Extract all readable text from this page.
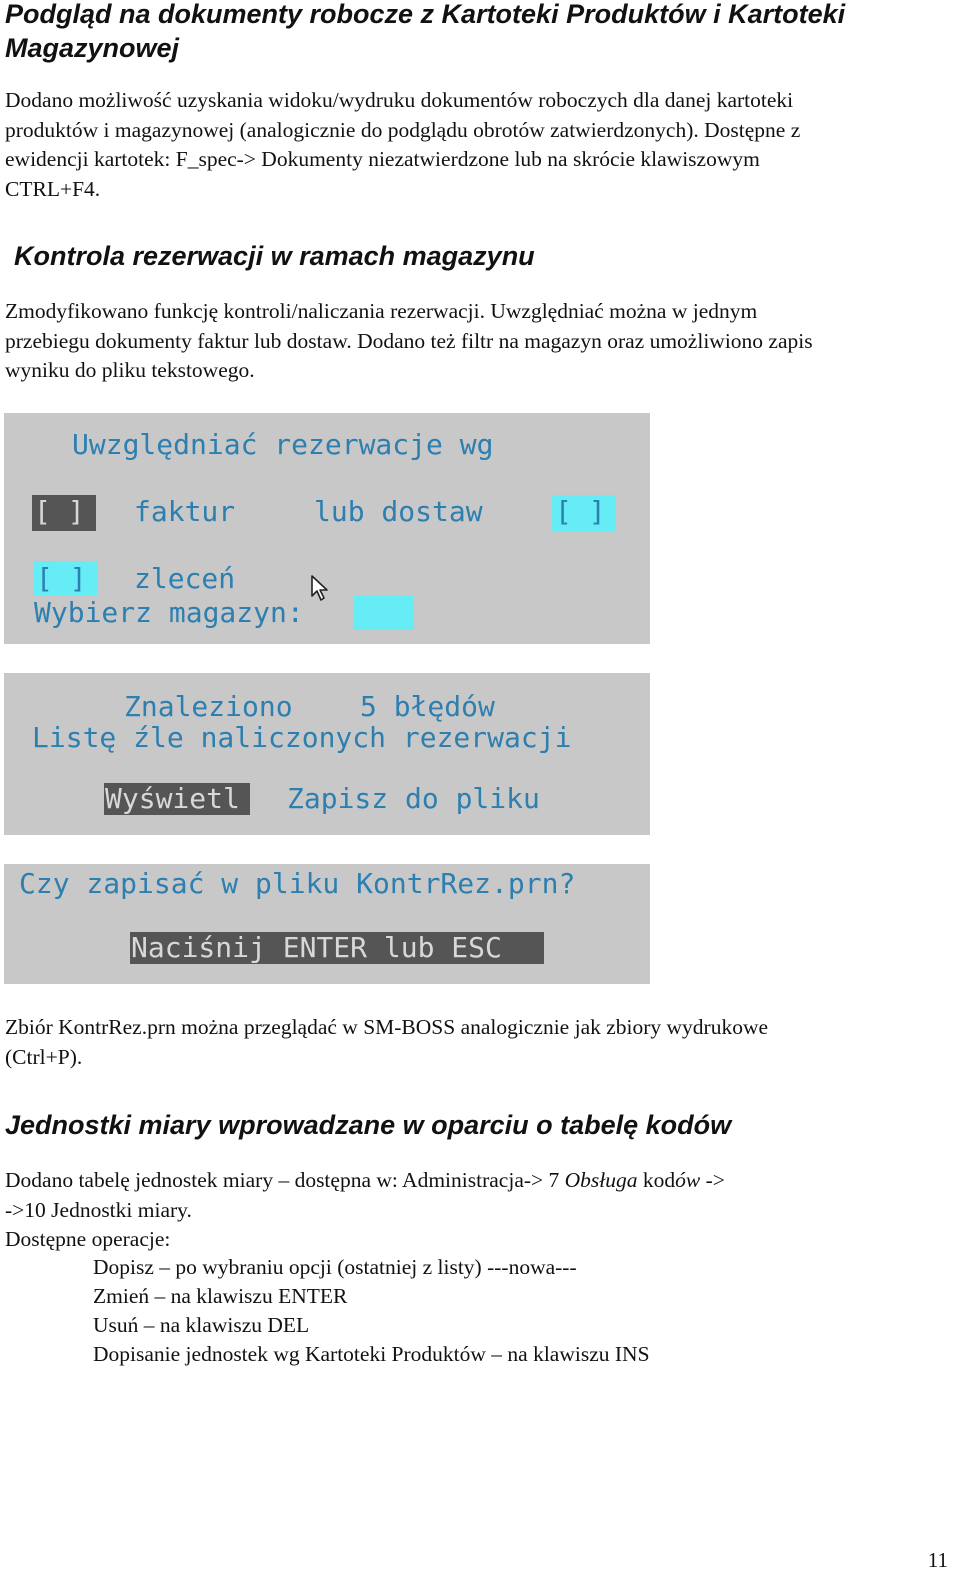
Podgląd na dokumenty robocze z Kartoteki Produktów i Kartoteki
Magazynowej
Dodano możliwość uzyskania widoku/wydruku dokumentów roboczych dla danej kartoteki
produktów i magazynowej (analogicznie do podglądu obrotów zatwierdzonych). Dostępne z
ewidencji kartotek: F_spec-> Dokumenty niezatwierdzone lub na skrócie klawiszowym
CTRL+F4.
Kontrola rezerwacji w ramach magazynu
Zmodyfikowano funkcję kontroli/naliczania rezerwacji. Uwzględniać można w jednym
przebiegu dokumenty faktur lub dostaw. Dodano też filtr na magazyn oraz umożliwiono zapis
wyniku do pliku tekstowego.
Uwzględniać rezerwacje wg
[ ] faktur	lub dostaw	[ ]
[ ] zleceń
Wybierz magazyn:
Znaleziono    5 błędów
Listę źle naliczonych rezerwacji
Wyświetl Zapisz do pliku
Czy zapisać w pliku KontrRez.prn?
Naciśnij ENTER lub ESC
Zbiór KontrRez.prn można przeglądać w SM-BOSS analogicznie jak zbiory wydrukowe
(Ctrl+P).
Jednostki miary wprowadzane w oparciu o tabelę kodów
Dodano tabelę jednostek miary – dostępna w: Administracja-> 7 Obsługa kodów ->
->10 Jednostki miary.
Dostępne operacje:
Dopisz – po wybraniu opcji (ostatniej z listy) ---nowa---
Zmień – na klawiszu ENTER
Usuń – na klawiszu DEL
Dopisanie jednostek wg Kartoteki Produktów – na klawiszu INS
11
